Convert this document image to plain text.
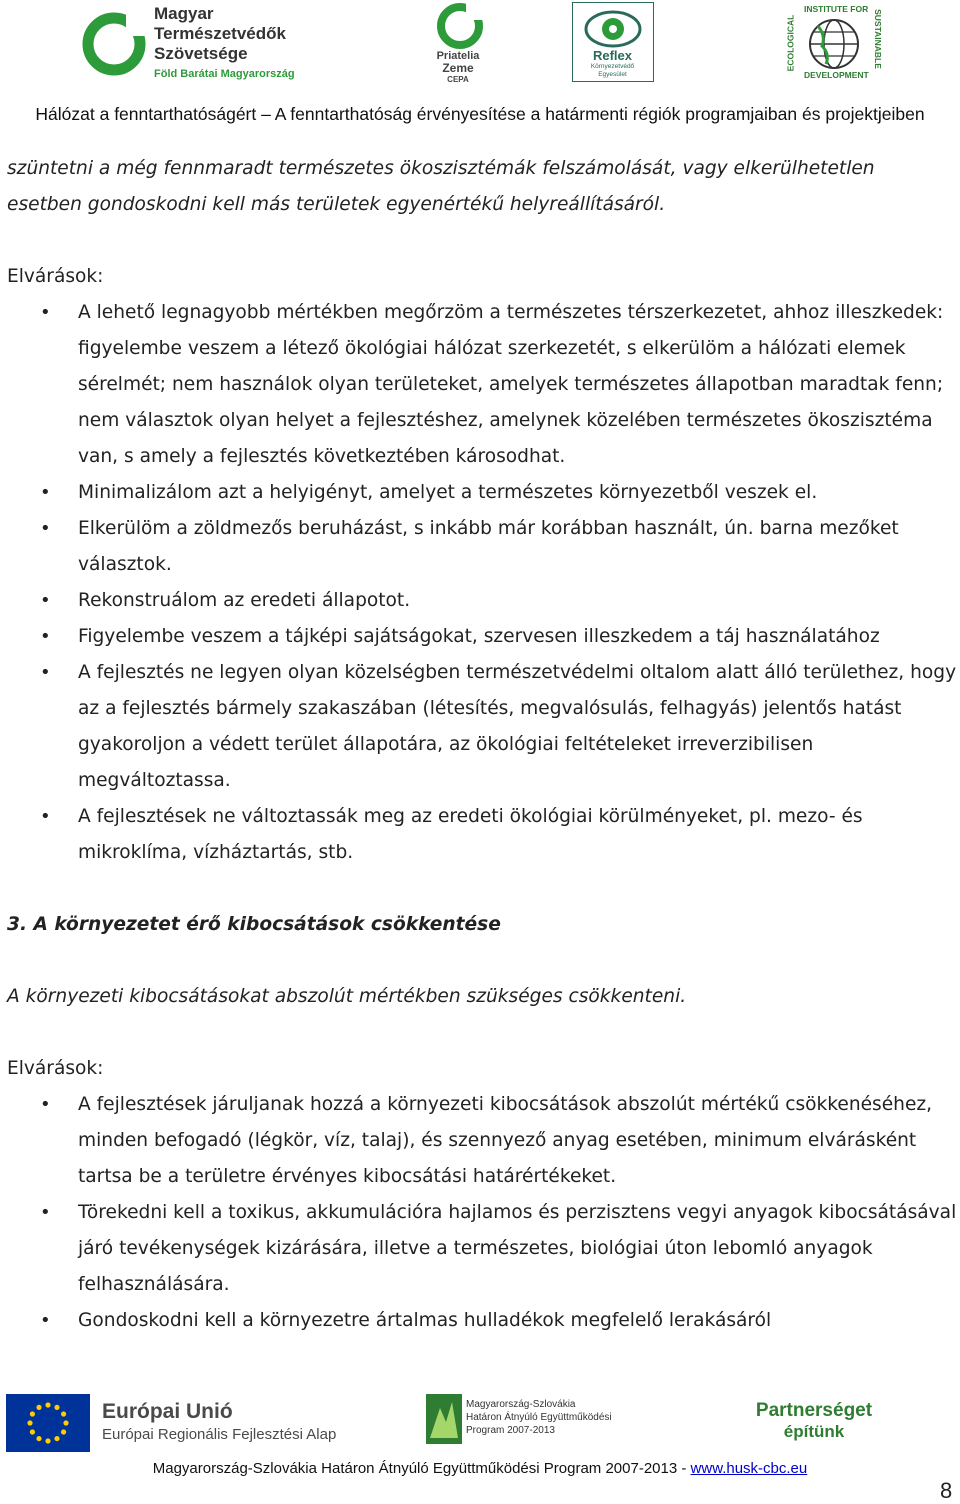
Magyar
Természetvédők
Szövetsége
Föld Barátai Magyarország
Priatelia
Zeme
CEPA
Reflex
Környezetvédő
Egyesület
INSTITUTE FOR
ECOLOGICAL	SUSTAINABLE
DEVELOPMENT
Hálózat a fenntarthatóságért – A fenntarthatóság érvényesítése a határmenti régiók programjaiban és projektjeiben

szüntetni a még fennmaradt természetes ökoszisztémák felszámolását, vagy elkerülhetetlen

esetben gondoskodni kell más területek egyenértékű helyreállításáról.

Elvárások:

• A lehető legnagyobb mértékben megőrzöm a természetes térszerkezetet, ahhoz illeszkedek: figyelembe veszem a létező ökológiai hálózat szerkezetét, s elkerülöm a hálózati elemek sérelmét; nem használok olyan területeket, amelyek természetes állapotban maradtak fenn; nem választok olyan helyet a fejlesztéshez, amelynek közelében természetes ökoszisztéma van, s amely a fejlesztés következtében károsodhat.
• Minimalizálom azt a helyigényt, amelyet a természetes környezetből veszek el.
• Elkerülöm a zöldmezős beruházást, s inkább már korábban használt, ún. barna mezőket választok.
• Rekonstruálom az eredeti állapotot.
• Figyelembe veszem a tájképi sajátságokat, szervesen illeszkedem a táj használatához
• A fejlesztés ne legyen olyan közelségben természetvédelmi oltalom alatt álló területhez, hogy az a fejlesztés bármely szakaszában (létesítés, megvalósulás, felhagyás) jelentős hatást gyakoroljon a védett terület állapotára, az ökológiai feltételeket irreverzibilisen megváltoztassa.
• A fejlesztések ne változtassák meg az eredeti ökológiai körülményeket, pl. mezo- és mikroklíma, vízháztartás, stb.

3. A környezetet érő kibocsátások csökkentése

A környezeti kibocsátásokat abszolút mértékben szükséges csökkenteni.

Elvárások:

• A fejlesztések járuljanak hozzá a környezeti kibocsátások abszolút mértékű csökkenéséhez, minden befogadó (légkör, víz, talaj), és szennyező anyag esetében, minimum elvárásként tartsa be a területre érvényes kibocsátási határértékeket.
• Törekedni kell a toxikus, akkumulációra hajlamos és perzisztens vegyi anyagok kibocsátásával járó tevékenységek kizárására, illetve a természetes, biológiai úton lebomló anyagok felhasználására.
• Gondoskodni kell a környezetre ártalmas hulladékok megfelelő lerakásáról
Európai Unió
Európai Regionális Fejlesztési Alap
Magyarország-Szlovákia
Határon Átnyúló Együttműködési
Program 2007-2013
Partnerséget
építünk
Magyarország-Szlovákia Határon Átnyúló Együttműködési Program 2007-2013 - www.husk-cbc.eu
8
